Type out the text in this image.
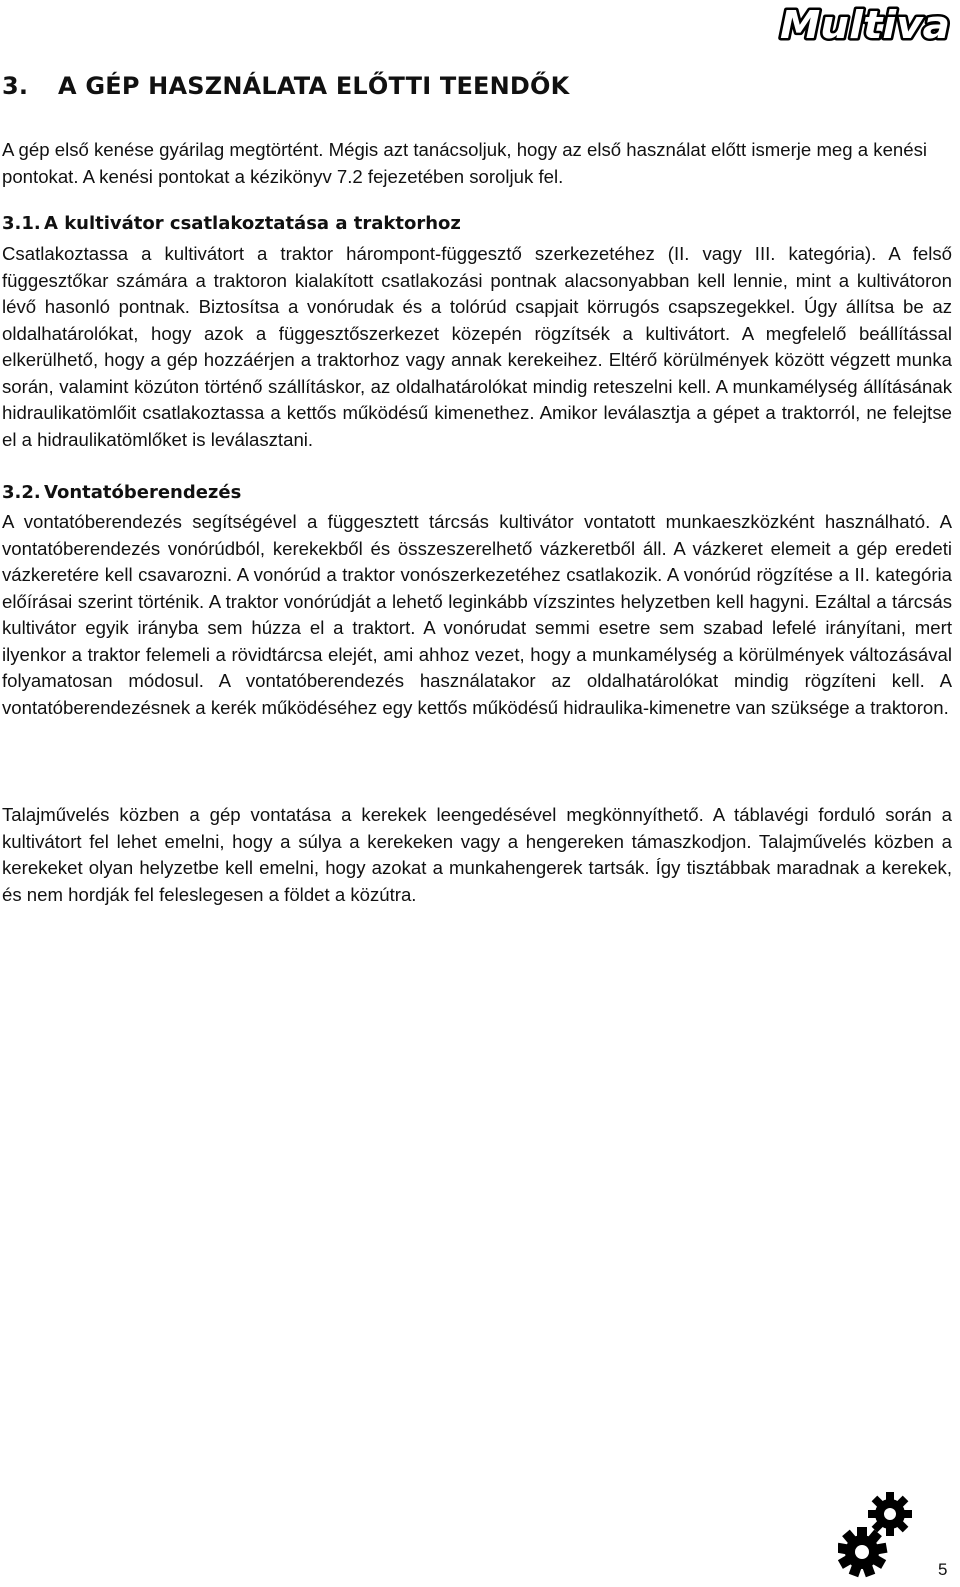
Multiva
3. A GÉP HASZNÁLATA ELŐTTI TEENDŐK

A gép első kenése gyárilag megtörtént. Mégis azt tanácsoljuk, hogy az első használat előtt ismerje meg a kenési pontokat. A kenési pontokat a kézikönyv 7.2 fejezetében soroljuk fel.

3.1. A kultivátor csatlakoztatása a traktorhoz

Csatlakoztassa a kultivátort a traktor hárompont-függesztő szerkezetéhez (II. vagy III. kategória). A felső függesztőkar számára a traktoron kialakított csatlakozási pontnak alacsonyabban kell lennie, mint a kultivátoron lévő hasonló pontnak. Biztosítsa a vonórudak és a tolórúd csapjait körrugós csapszegekkel. Úgy állítsa be az oldalhatárolókat, hogy azok a függesztőszerkezet közepén rögzítsék a kultivátort. A megfelelő beállítással elkerülhető, hogy a gép hozzáérjen a traktorhoz vagy annak kerekeihez. Eltérő körülmények között végzett munka során, valamint közúton történő szállításkor, az oldalhatárolókat mindig reteszelni kell. A munkamélység állításának hidraulikatömlőit csatlakoztassa a kettős működésű kimenethez. Amikor leválasztja a gépet a traktorról, ne felejtse el a hidraulikatömlőket is leválasztani.

3.2. Vontatóberendezés

A vontatóberendezés segítségével a függesztett tárcsás kultivátor vontatott munkaeszközként használható. A vontatóberendezés vonórúdból, kerekekből és összeszerelhető vázkeretből áll. A vázkeret elemeit a gép eredeti vázkeretére kell csavarozni. A vonórúd a traktor vonószerkezetéhez csatlakozik. A vonórúd rögzítése a II. kategória előírásai szerint történik. A traktor vonórúdját a lehető leginkább vízszintes helyzetben kell hagyni. Ezáltal a tárcsás kultivátor egyik irányba sem húzza el a traktort. A vonórudat semmi esetre sem szabad lefelé irányítani, mert ilyenkor a traktor felemeli a rövidtárcsa elejét, ami ahhoz vezet, hogy a munkamélység a körülmények változásával folyamatosan módosul. A vontatóberendezés használatakor az oldalhatárolókat mindig rögzíteni kell. A vontatóberendezésnek a kerék működéséhez egy kettős működésű hidraulika-kimenetre van szüksége a traktoron.

Talajművelés közben a gép vontatása a kerekek leengedésével megkönnyíthető. A táblavégi forduló során a kultivátort fel lehet emelni, hogy a súlya a kerekeken vagy a hengereken támaszkodjon. Talajművelés közben a kerekeket olyan helyzetbe kell emelni, hogy azokat a munkahengerek tartsák. Így tisztábbak maradnak a kerekek, és nem hordják fel feleslegesen a földet a közútra.

5
